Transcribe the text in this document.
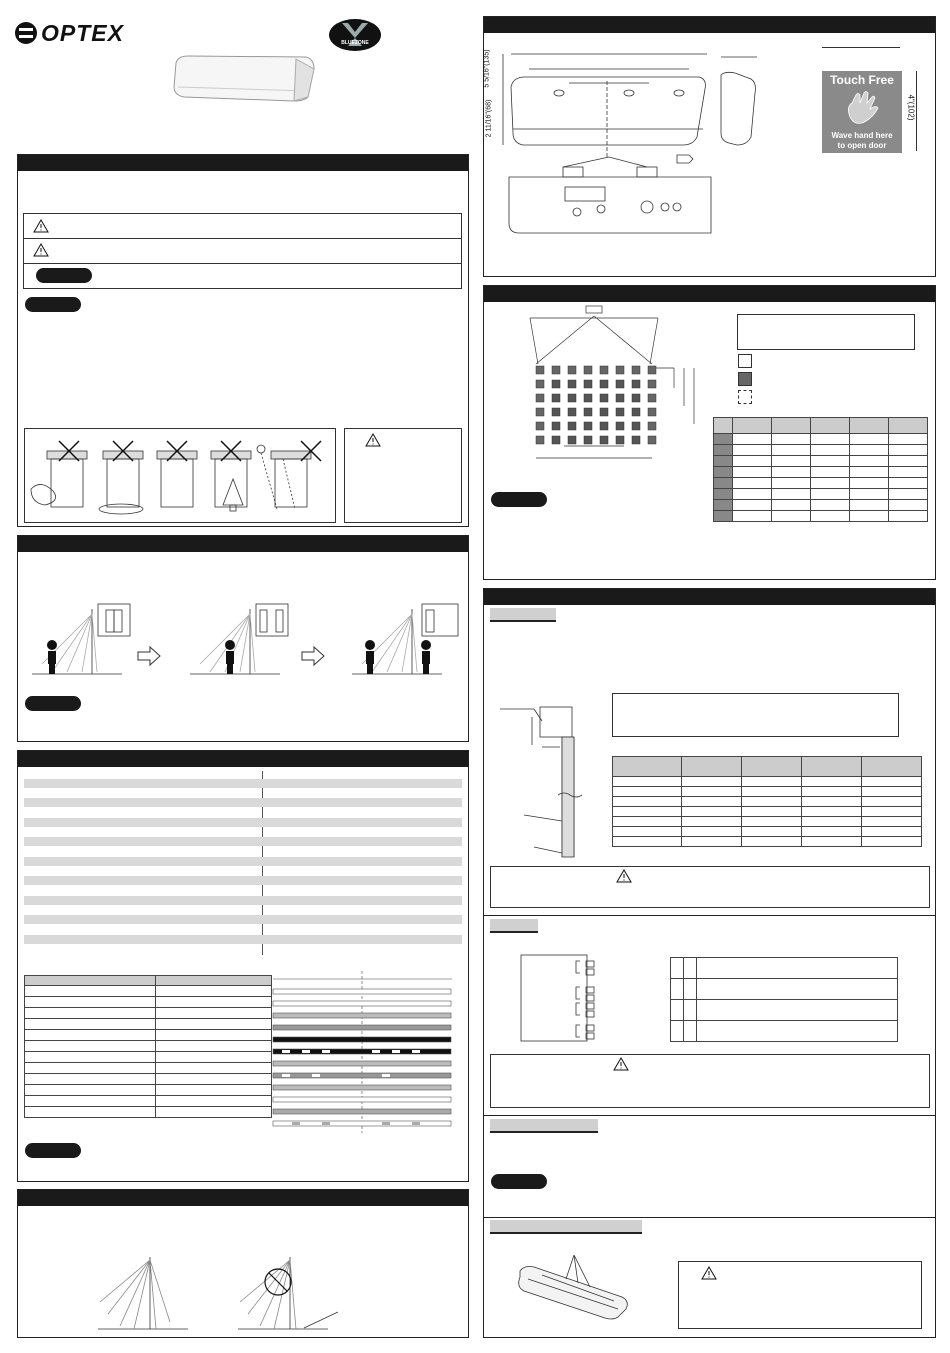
OPTEX	BLUEZONE

5 5/16"(135)
2 11/16"(68)
Touch Free
Wave hand here
to open door
4"(102)
